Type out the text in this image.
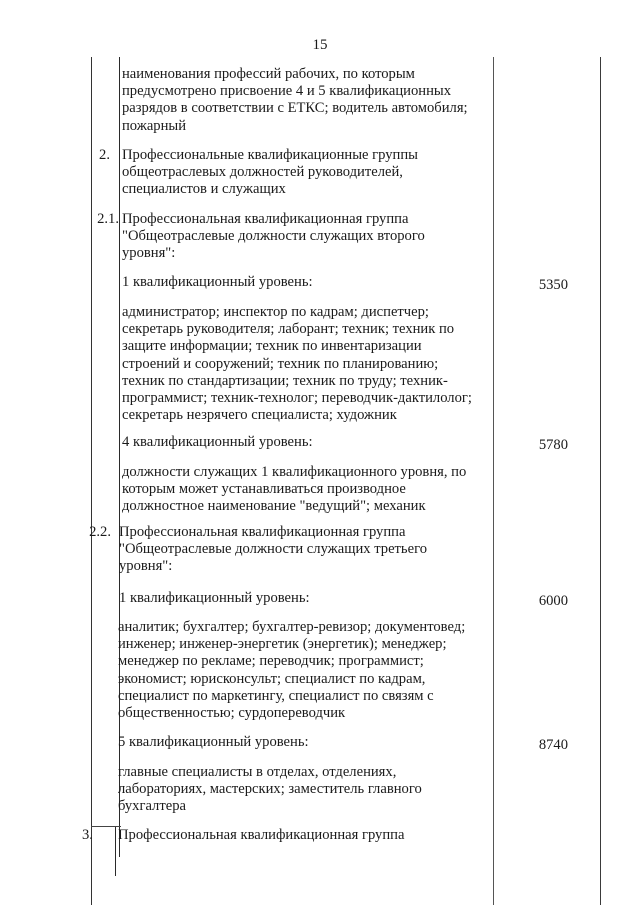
15
наименования профессий рабочих, по которым
предусмотрено присвоение 4 и 5 квалификационных
разрядов в соответствии с ЕТКС; водитель автомобиля;
пожарный
2. Профессиональные квалификационные группы
общеотраслевых должностей руководителей,
специалистов и служащих
2.1. Профессиональная квалификационная группа
"Общеотраслевые должности служащих второго
уровня":
1 квалификационный уровень:	5350
администратор; инспектор по кадрам; диспетчер;
секретарь руководителя; лаборант; техник; техник по
защите информации; техник по инвентаризации
строений и сооружений; техник по планированию;
техник по стандартизации; техник по труду; техник-
программист; техник-технолог; переводчик-дактилолог;
секретарь незрячего специалиста; художник
4 квалификационный уровень:	5780
должности служащих 1 квалификационного уровня, по
которым может устанавливаться производное
должностное наименование "ведущий"; механик
2.2. Профессиональная квалификационная группа
"Общеотраслевые должности служащих третьего
уровня":
1 квалификационный уровень:	6000
аналитик; бухгалтер; бухгалтер-ревизор; документовед;
инженер; инженер-энергетик (энергетик); менеджер;
менеджер по рекламе; переводчик; программист;
экономист; юрисконсульт; специалист по кадрам,
специалист по маркетингу, специалист по связям с
общественностью; сурдопереводчик
5 квалификационный уровень:	8740
главные специалисты в отделах, отделениях,
лабораториях, мастерских; заместитель главного
бухгалтера
3. Профессиональная квалификационная группа
